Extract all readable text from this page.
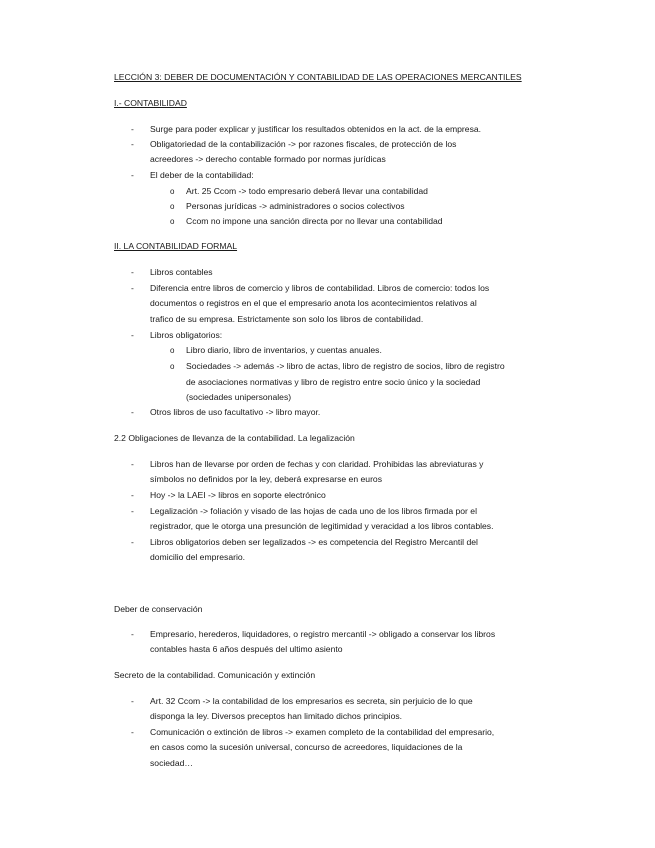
LECCIÓN 3: DEBER DE DOCUMENTACIÓN Y CONTABILIDAD DE LAS OPERACIONES MERCANTILES
I.- CONTABILIDAD
-	Surge para poder explicar y justificar los resultados obtenidos en la act. de la empresa.
-	Obligatoriedad de la contabilización -> por razones fiscales, de protección de los
acreedores -> derecho contable formado por normas jurídicas
-	El deber de la contabilidad:
o Art. 25 Ccom -> todo empresario deberá llevar una contabilidad
o Personas jurídicas -> administradores o socios colectivos
o Ccom no impone una sanción directa por no llevar una contabilidad
II. LA CONTABILIDAD FORMAL
-	Libros contables
-	Diferencia entre libros de comercio y libros de contabilidad. Libros de comercio: todos los
documentos o registros en el que el empresario anota los acontecimientos relativos al
trafico de su empresa. Estrictamente son solo los libros de contabilidad.
-	Libros obligatorios:
o Libro diario, libro de inventarios, y cuentas anuales.
o Sociedades -> además -> libro de actas, libro de registro de socios, libro de registro
de asociaciones normativas y libro de registro entre socio único y la sociedad
(sociedades unipersonales)
-	Otros libros de uso facultativo -> libro mayor.
2.2 Obligaciones de llevanza de la contabilidad. La legalización
-	Libros han de llevarse por orden de fechas y con claridad. Prohibidas las abreviaturas y
símbolos no definidos por la ley, deberá expresarse en euros
-	Hoy -> la LAEI -> libros en soporte electrónico
-	Legalización -> foliación y visado de las hojas de cada uno de los libros firmada por el
registrador, que le otorga una presunción de legitimidad y veracidad a los libros contables.
-	Libros obligatorios deben ser legalizados -> es competencia del Registro Mercantil del
domicilio del empresario.
Deber de conservación
-	Empresario, herederos, liquidadores, o registro mercantil -> obligado a conservar los libros
contables hasta 6 años después del ultimo asiento
Secreto de la contabilidad. Comunicación y extinción
-	Art. 32 Ccom -> la contabilidad de los empresarios es secreta, sin perjuicio de lo que
disponga la ley. Diversos preceptos han limitado dichos principios.
-	Comunicación o extinción de libros -> examen completo de la contabilidad del empresario,
en casos como la sucesión universal, concurso de acreedores, liquidaciones de la
sociedad…
